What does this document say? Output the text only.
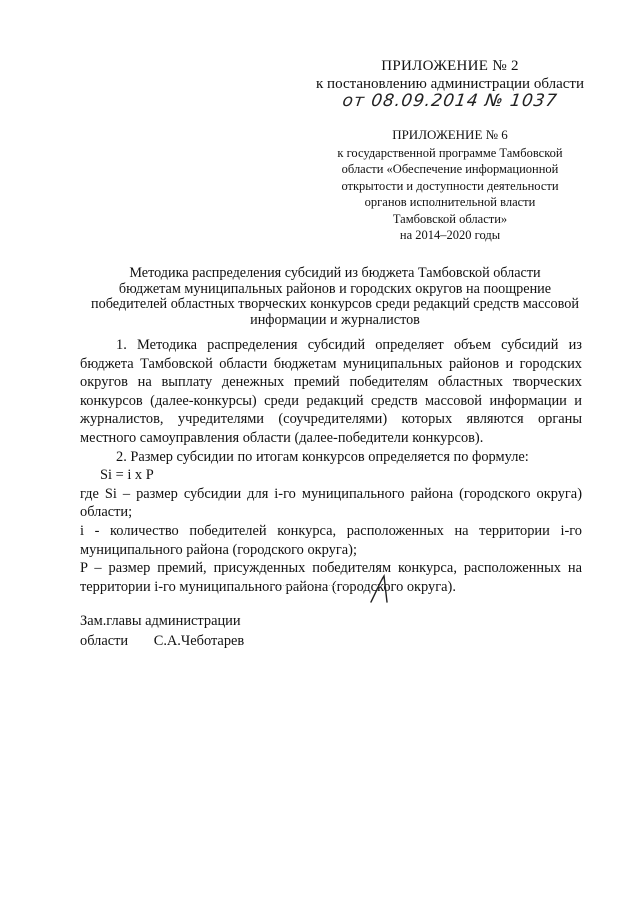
ПРИЛОЖЕНИЕ № 2
к постановлению администрации области
от 08.09.2014 № 1037
ПРИЛОЖЕНИЕ № 6
к государственной программе Тамбовской
области «Обеспечение информационной
открытости и доступности деятельности
органов исполнительной власти
Тамбовской области»
на 2014–2020 годы
Методика распределения субсидий из бюджета Тамбовской области
бюджетам муниципальных районов и городских округов на поощрение
победителей областных творческих конкурсов среди редакций средств массовой
информации и журналистов

1. Методика распределения субсидий определяет объем субсидий из бюджета Тамбовской области бюджетам муниципальных районов и городских округов на выплату денежных премий победителям областных творческих конкурсов (далее-конкурсы) среди редакций средств массовой информации и журналистов, учредителями (соучредителями) которых являются органы местного самоуправления области (далее-победители конкурсов).

2. Размер субсидии по итогам конкурсов определяется по формуле:

Si = i x P

где Si – размер субсидии для i-го муниципального района (городского округа) области;

i - количество победителей конкурса, расположенных на территории i-го муниципального района (городского округа);

P – размер премий, присужденных победителям конкурса, расположенных на территории i-го муниципального района (городского округа).

Зам.главы администрации
области С.А.Чеботарев
